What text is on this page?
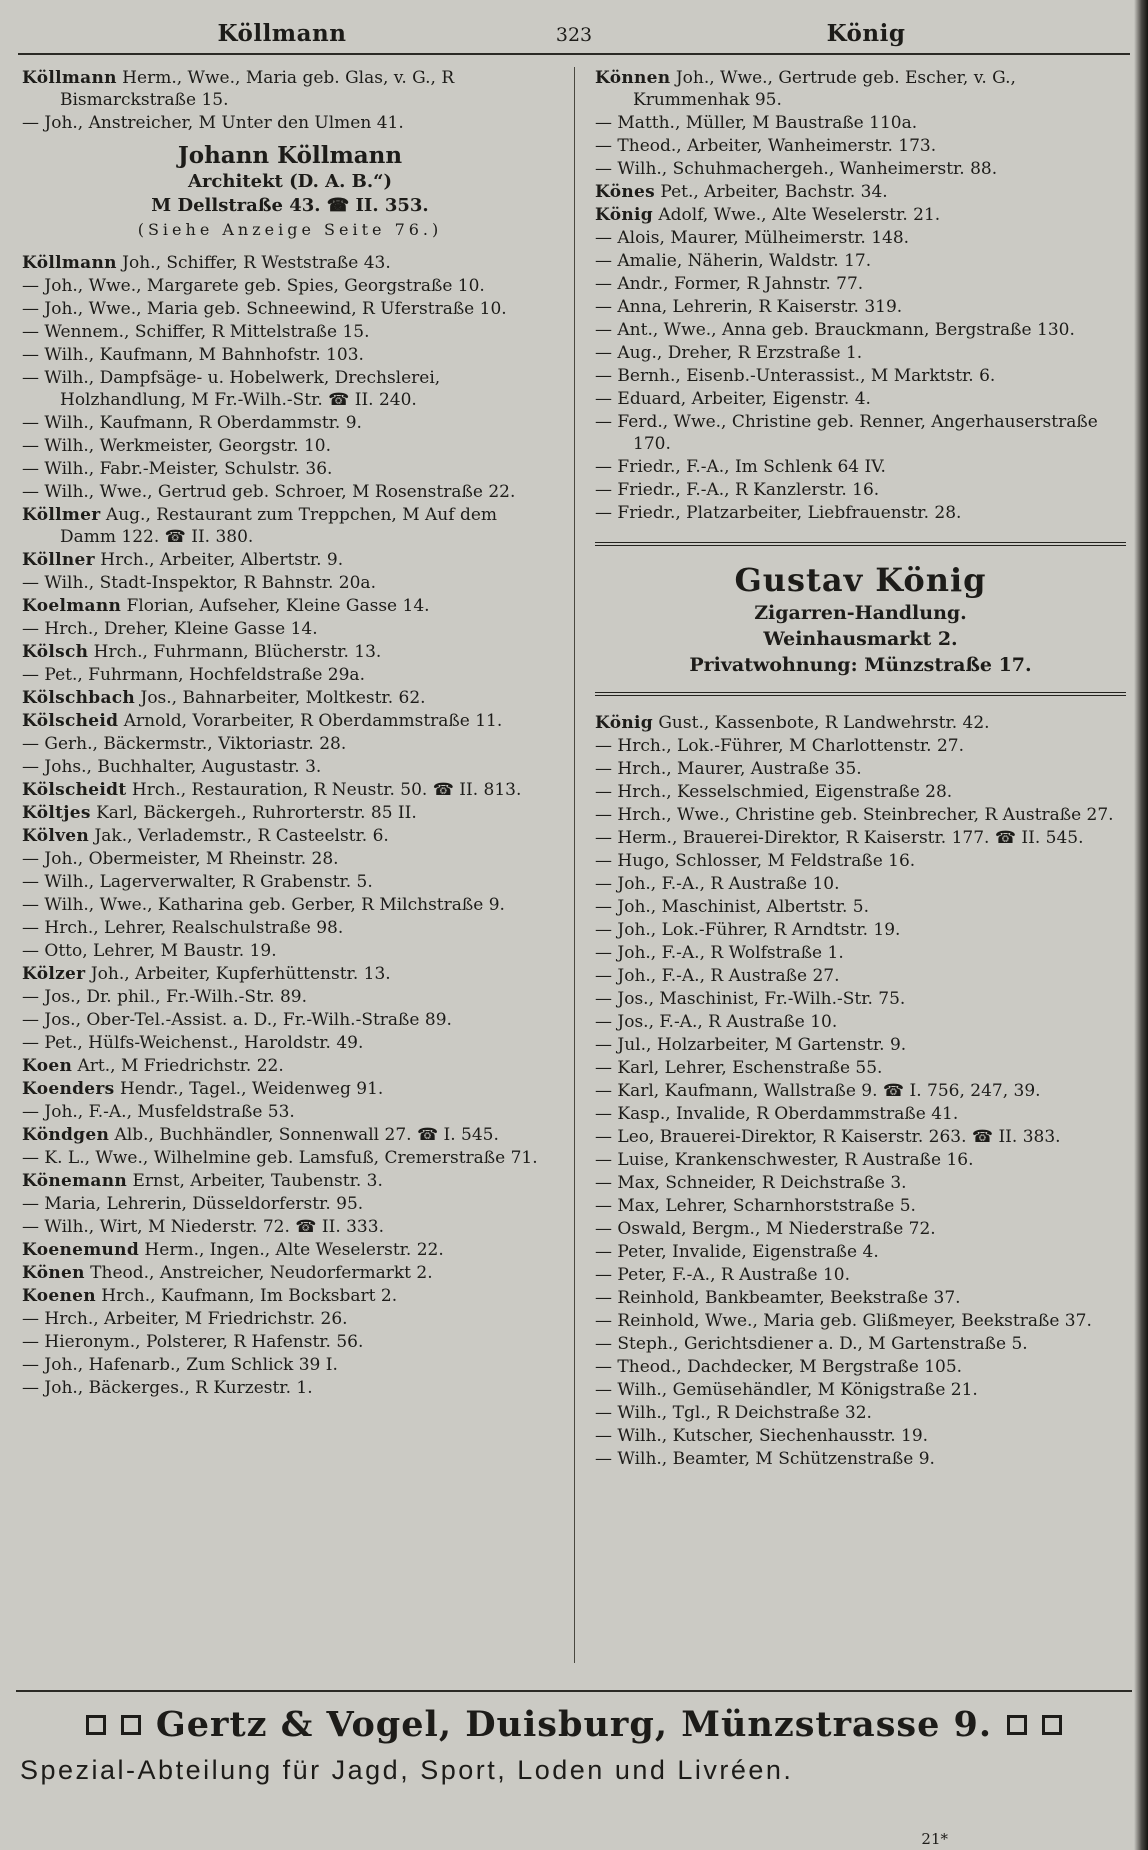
Köllmann	323	König
Köllmann Herm., Wwe., Maria geb. Glas, v. G., R Bismarckstraße 15.
— Joh., Anstreicher, M Unter den Ulmen 41.
Johann Köllmann
Architekt (D. A. B.“)
M Dellstraße 43. ☎ II. 353.
(Siehe Anzeige Seite 76.)
Köllmann Joh., Schiffer, R Weststraße 43.
— Joh., Wwe., Margarete geb. Spies, Georgstraße 10.
— Joh., Wwe., Maria geb. Schneewind, R Uferstraße 10.
— Wennem., Schiffer, R Mittelstraße 15.
— Wilh., Kaufmann, M Bahnhofstr. 103.
— Wilh., Dampfsäge- u. Hobelwerk, Drechslerei, Holzhandlung, M Fr.-Wilh.-Str. ☎ II. 240.
— Wilh., Kaufmann, R Oberdammstr. 9.
— Wilh., Werkmeister, Georgstr. 10.
— Wilh., Fabr.-Meister, Schulstr. 36.
— Wilh., Wwe., Gertrud geb. Schroer, M Rosenstraße 22.
Köllmer Aug., Restaurant zum Treppchen, M Auf dem Damm 122. ☎ II. 380.
Köllner Hrch., Arbeiter, Albertstr. 9.
— Wilh., Stadt-Inspektor, R Bahnstr. 20a.
Koelmann Florian, Aufseher, Kleine Gasse 14.
— Hrch., Dreher, Kleine Gasse 14.
Kölsch Hrch., Fuhrmann, Blücherstr. 13.
— Pet., Fuhrmann, Hochfeldstraße 29a.
Kölschbach Jos., Bahnarbeiter, Moltkestr. 62.
Kölscheid Arnold, Vorarbeiter, R Oberdammstraße 11.
— Gerh., Bäckermstr., Viktoriastr. 28.
— Johs., Buchhalter, Augustastr. 3.
Kölscheidt Hrch., Restauration, R Neustr. 50. ☎ II. 813.
Költjes Karl, Bäckergeh., Ruhrorterstr. 85 II.
Kölven Jak., Verlademstr., R Casteelstr. 6.
— Joh., Obermeister, M Rheinstr. 28.
— Wilh., Lagerverwalter, R Grabenstr. 5.
— Wilh., Wwe., Katharina geb. Gerber, R Milchstraße 9.
— Hrch., Lehrer, Realschulstraße 98.
— Otto, Lehrer, M Baustr. 19.
Kölzer Joh., Arbeiter, Kupferhüttenstr. 13.
— Jos., Dr. phil., Fr.-Wilh.-Str. 89.
— Jos., Ober-Tel.-Assist. a. D., Fr.-Wilh.-Straße 89.
— Pet., Hülfs-Weichenst., Haroldstr. 49.
Koen Art., M Friedrichstr. 22.
Koenders Hendr., Tagel., Weidenweg 91.
— Joh., F.-A., Musfeldstraße 53.
Köndgen Alb., Buchhändler, Sonnenwall 27. ☎ I. 545.
— K. L., Wwe., Wilhelmine geb. Lamsfuß, Cremerstraße 71.
Könemann Ernst, Arbeiter, Taubenstr. 3.
— Maria, Lehrerin, Düsseldorferstr. 95.
— Wilh., Wirt, M Niederstr. 72. ☎ II. 333.
Koenemund Herm., Ingen., Alte Weselerstr. 22.
Könen Theod., Anstreicher, Neudorfermarkt 2.
Koenen Hrch., Kaufmann, Im Bocksbart 2.
— Hrch., Arbeiter, M Friedrichstr. 26.
— Hieronym., Polsterer, R Hafenstr. 56.
— Joh., Hafenarb., Zum Schlick 39 I.
— Joh., Bäckerges., R Kurzestr. 1.
Können Joh., Wwe., Gertrude geb. Escher, v. G., Krummenhak 95.
— Matth., Müller, M Baustraße 110a.
— Theod., Arbeiter, Wanheimerstr. 173.
— Wilh., Schuhmachergeh., Wanheimerstr. 88.
Könes Pet., Arbeiter, Bachstr. 34.
König Adolf, Wwe., Alte Weselerstr. 21.
— Alois, Maurer, Mülheimerstr. 148.
— Amalie, Näherin, Waldstr. 17.
— Andr., Former, R Jahnstr. 77.
— Anna, Lehrerin, R Kaiserstr. 319.
— Ant., Wwe., Anna geb. Brauckmann, Bergstraße 130.
— Aug., Dreher, R Erzstraße 1.
— Bernh., Eisenb.-Unterassist., M Marktstr. 6.
— Eduard, Arbeiter, Eigenstr. 4.
— Ferd., Wwe., Christine geb. Renner, Angerhauserstraße 170.
— Friedr., F.-A., Im Schlenk 64 IV.
— Friedr., F.-A., R Kanzlerstr. 16.
— Friedr., Platzarbeiter, Liebfrauenstr. 28.
Gustav König
Zigarren-Handlung.
Weinhausmarkt 2.
Privatwohnung: Münzstraße 17.
König Gust., Kassenbote, R Landwehrstr. 42.
— Hrch., Lok.-Führer, M Charlottenstr. 27.
— Hrch., Maurer, Austraße 35.
— Hrch., Kesselschmied, Eigenstraße 28.
— Hrch., Wwe., Christine geb. Steinbrecher, R Austraße 27.
— Herm., Brauerei-Direktor, R Kaiserstr. 177. ☎ II. 545.
— Hugo, Schlosser, M Feldstraße 16.
— Joh., F.-A., R Austraße 10.
— Joh., Maschinist, Albertstr. 5.
— Joh., Lok.-Führer, R Arndtstr. 19.
— Joh., F.-A., R Wolfstraße 1.
— Joh., F.-A., R Austraße 27.
— Jos., Maschinist, Fr.-Wilh.-Str. 75.
— Jos., F.-A., R Austraße 10.
— Jul., Holzarbeiter, M Gartenstr. 9.
— Karl, Lehrer, Eschenstraße 55.
— Karl, Kaufmann, Wallstraße 9. ☎ I. 756, 247, 39.
— Kasp., Invalide, R Oberdammstraße 41.
— Leo, Brauerei-Direktor, R Kaiserstr. 263. ☎ II. 383.
— Luise, Krankenschwester, R Austraße 16.
— Max, Schneider, R Deichstraße 3.
— Max, Lehrer, Scharnhorststraße 5.
— Oswald, Bergm., M Niederstraße 72.
— Peter, Invalide, Eigenstraße 4.
— Peter, F.-A., R Austraße 10.
— Reinhold, Bankbeamter, Beekstraße 37.
— Reinhold, Wwe., Maria geb. Glißmeyer, Beekstraße 37.
— Steph., Gerichtsdiener a. D., M Gartenstraße 5.
— Theod., Dachdecker, M Bergstraße 105.
— Wilh., Gemüsehändler, M Königstraße 21.
— Wilh., Tgl., R Deichstraße 32.
— Wilh., Kutscher, Siechenhausstr. 19.
— Wilh., Beamter, M Schützenstraße 9.
Gertz & Vogel, Duisburg, Münzstrasse 9.
Spezial-Abteilung für Jagd, Sport, Loden und Livréen.
21*
